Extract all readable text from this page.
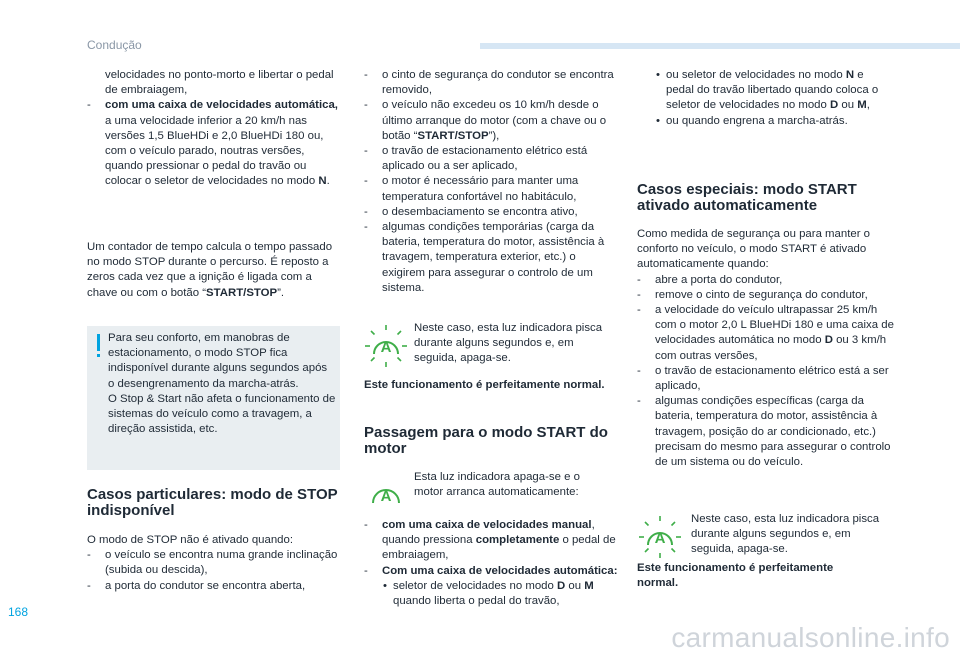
Condução
168
carmanualsonline.info

velocidades no ponto-morto e libertar o pedal de embraiagem,

- com uma caixa de velocidades automática, a uma velocidade inferior a 20 km/h nas versões 1,5 BlueHDi e 2,0 BlueHDi 180 ou, com o veículo parado, noutras versões, quando pressionar o pedal do travão ou colocar o seletor de velocidades no modo N.

Um contador de tempo calcula o tempo passado no modo STOP durante o percurso. É reposto a zeros cada vez que a ignição é ligada com a chave ou com o botão “START/STOP”.

Para seu conforto, em manobras de estacionamento, o modo STOP fica indisponível durante alguns segundos após o desengrenamento da marcha-atrás.

O Stop & Start não afeta o funcionamento de sistemas do veículo como a travagem, a direção assistida, etc.

Casos particulares: modo de STOP indisponível

O modo de STOP não é ativado quando:

- o veículo se encontra numa grande inclinação (subida ou descida),
- a porta do condutor se encontra aberta,
- o cinto de segurança do condutor se encontra removido,
- o veículo não excedeu os 10 km/h desde o último arranque do motor (com a chave ou o botão “START/STOP”),
- o travão de estacionamento elétrico está aplicado ou a ser aplicado,
- o motor é necessário para manter uma temperatura confortável no habitáculo,
- o desembaciamento se encontra ativo,
- algumas condições temporárias (carga da bateria, temperatura do motor, assistência à travagem, temperatura exterior, etc.) o exigirem para assegurar o controlo de um sistema.
A
Neste caso, esta luz indicadora pisca durante alguns segundos e, em seguida, apaga-se.
Este funcionamento é perfeitamente normal.
Passagem para o modo START do motor
A
Esta luz indicadora apaga-se e o motor arranca automaticamente:
- com uma caixa de velocidades manual, quando pressiona completamente o pedal de embraiagem,
- Com uma caixa de velocidades automática:
• seletor de velocidades no modo D ou M quando liberta o pedal do travão,
• ou seletor de velocidades no modo N e pedal do travão libertado quando coloca o seletor de velocidades no modo D ou M,
• ou quando engrena a marcha-atrás.
Casos especiais: modo START ativado automaticamente

Como medida de segurança ou para manter o conforto no veículo, o modo START é ativado automaticamente quando:

- abre a porta do condutor,
- remove o cinto de segurança do condutor,
- a velocidade do veículo ultrapassar 25 km/h com o motor 2,0 L BlueHDi 180 e uma caixa de velocidades automática no modo D ou 3 km/h com outras versões,
- o travão de estacionamento elétrico está a ser aplicado,
- algumas condições específicas (carga da bateria, temperatura do motor, assistência à travagem, posição do ar condicionado, etc.) precisam do mesmo para assegurar o controlo de um sistema ou do veículo.
A
Neste caso, esta luz indicadora pisca durante alguns segundos e, em seguida, apaga-se.
Este funcionamento é perfeitamente normal.
